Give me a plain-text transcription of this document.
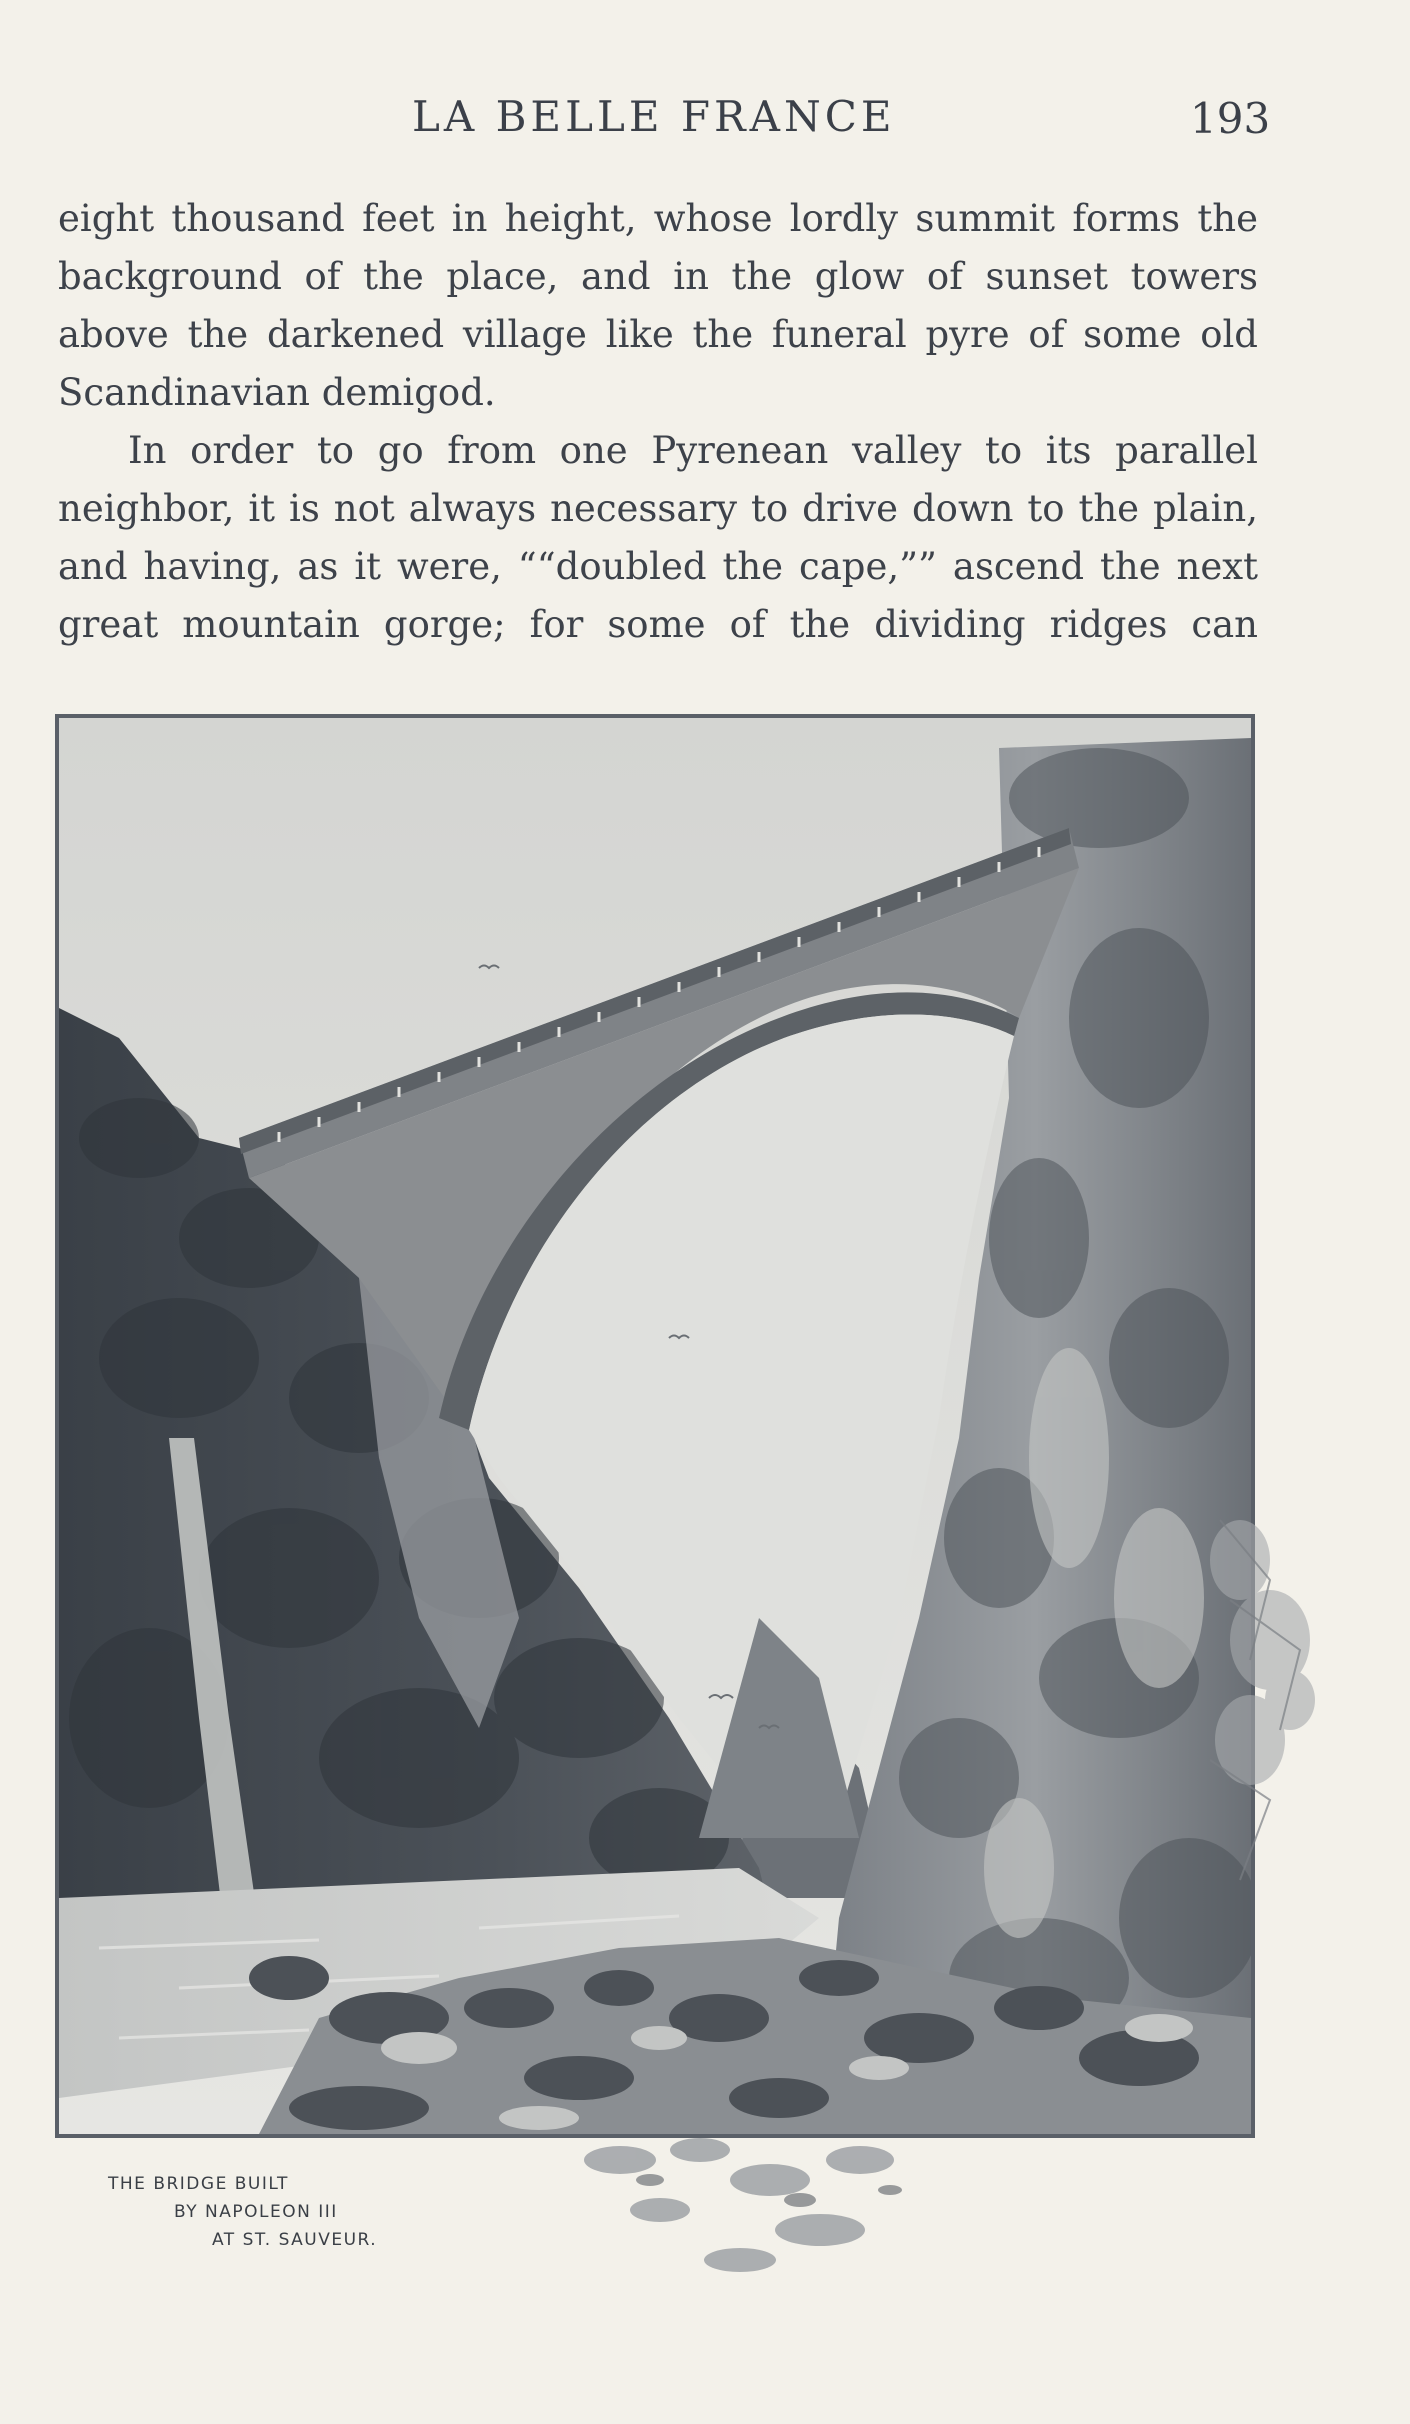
LA BELLE FRANCE	193
eight thousand feet in height, whose lordly summit forms the
background of the place, and in the glow of sunset towers
above the darkened village like the funeral pyre of some old
Scandinavian demigod.
In order to go from one Pyrenean valley to its parallel
neighbor, it is not always necessary to drive down to the plain,
and having, as it were, ““doubled the cape,”” ascend the next
great mountain gorge; for some of the dividing ridges can
THE BRIDGE BUILT
BY NAPOLEON III
AT ST. SAUVEUR.
